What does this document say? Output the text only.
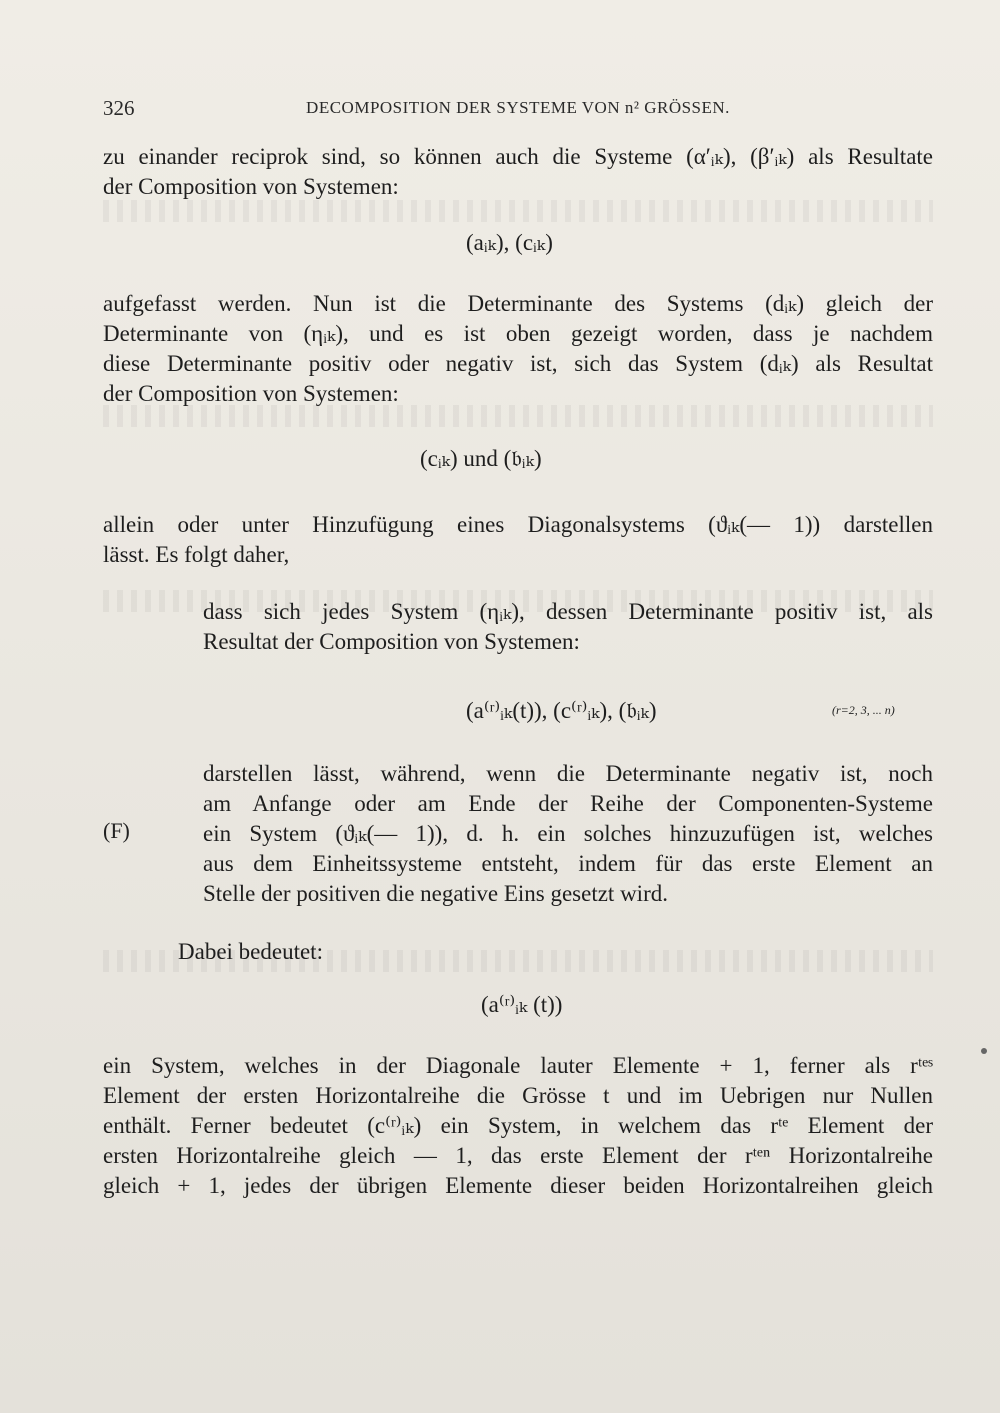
326	DECOMPOSITION DER SYSTEME VON n² GRÖSSEN.
zu einander reciprok sind, so können auch die Systeme (α′ᵢₖ), (β′ᵢₖ) als Resultate
der Composition von Systemen:
(aᵢₖ), (cᵢₖ)
aufgefasst werden. Nun ist die Determinante des Systems (dᵢₖ) gleich der
Determinante von (ηᵢₖ), und es ist oben gezeigt worden, dass je nachdem
diese Determinante positiv oder negativ ist, sich das System (dᵢₖ) als Resultat
der Composition von Systemen:
(cᵢₖ) und (𝔟ᵢₖ)
allein oder unter Hinzufügung eines Diagonalsystems (ϑᵢₖ(— 1)) darstellen
lässt. Es folgt daher,
dass sich jedes System (ηᵢₖ), dessen Determinante positiv ist, als
Resultat der Composition von Systemen:
(a⁽ʳ⁾ᵢₖ(t)), (c⁽ʳ⁾ᵢₖ), (𝔟ᵢₖ)	(r=2, 3, ... n)
darstellen lässt, während, wenn die Determinante negativ ist, noch
am Anfange oder am Ende der Reihe der Componenten-Systeme
(F)	ein System (ϑᵢₖ(— 1)), d. h. ein solches hinzuzufügen ist, welches
aus dem Einheitssysteme entsteht, indem für das erste Element an
Stelle der positiven die negative Eins gesetzt wird.
Dabei bedeutet:
(a⁽ʳ⁾ᵢₖ (t))
ein System, welches in der Diagonale lauter Elemente + 1, ferner als rᵗᵉˢ
Element der ersten Horizontalreihe die Grösse t und im Uebrigen nur Nullen
enthält. Ferner bedeutet (c⁽ʳ⁾ᵢₖ) ein System, in welchem das rᵗᵉ Element der
ersten Horizontalreihe gleich — 1, das erste Element der rᵗᵉⁿ Horizontalreihe
gleich + 1, jedes der übrigen Elemente dieser beiden Horizontalreihen gleich
